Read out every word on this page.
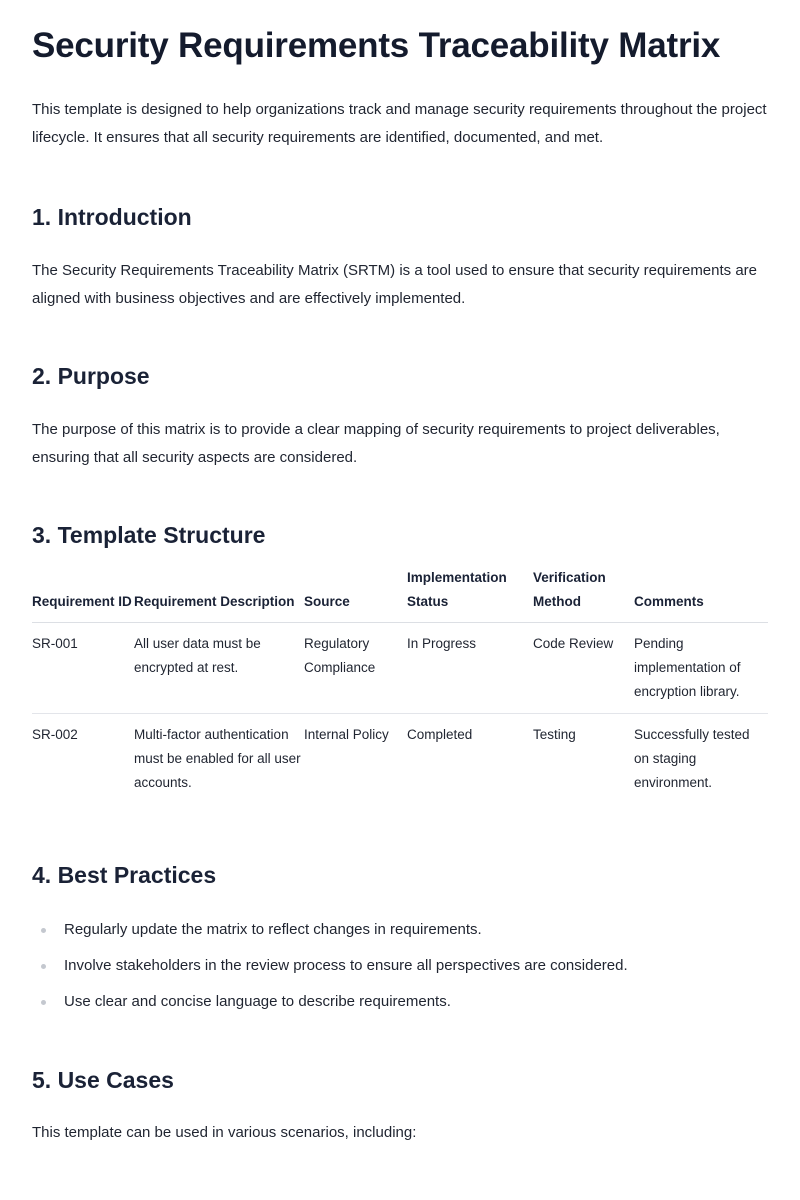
Security Requirements Traceability Matrix

This template is designed to help organizations track and manage security requirements throughout the project lifecycle. It ensures that all security requirements are identified, documented, and met.

1. Introduction

The Security Requirements Traceability Matrix (SRTM) is a tool used to ensure that security requirements are aligned with business objectives and are effectively implemented.

2. Purpose

The purpose of this matrix is to provide a clear mapping of security requirements to project deliverables, ensuring that all security aspects are considered.

3. Template Structure
Requirement ID	Requirement Description	Source	Implementation Status	Verification Method	Comments
SR-001	All user data must be encrypted at rest.	Regulatory Compliance	In Progress	Code Review	Pending implementation of encryption library.
SR-002	Multi-factor authentication must be enabled for all user accounts.	Internal Policy	Completed	Testing	Successfully tested on staging environment.
4. Best Practices
Regularly update the matrix to reflect changes in requirements.
Involve stakeholders in the review process to ensure all perspectives are considered.
Use clear and concise language to describe requirements.
5. Use Cases

This template can be used in various scenarios, including:
